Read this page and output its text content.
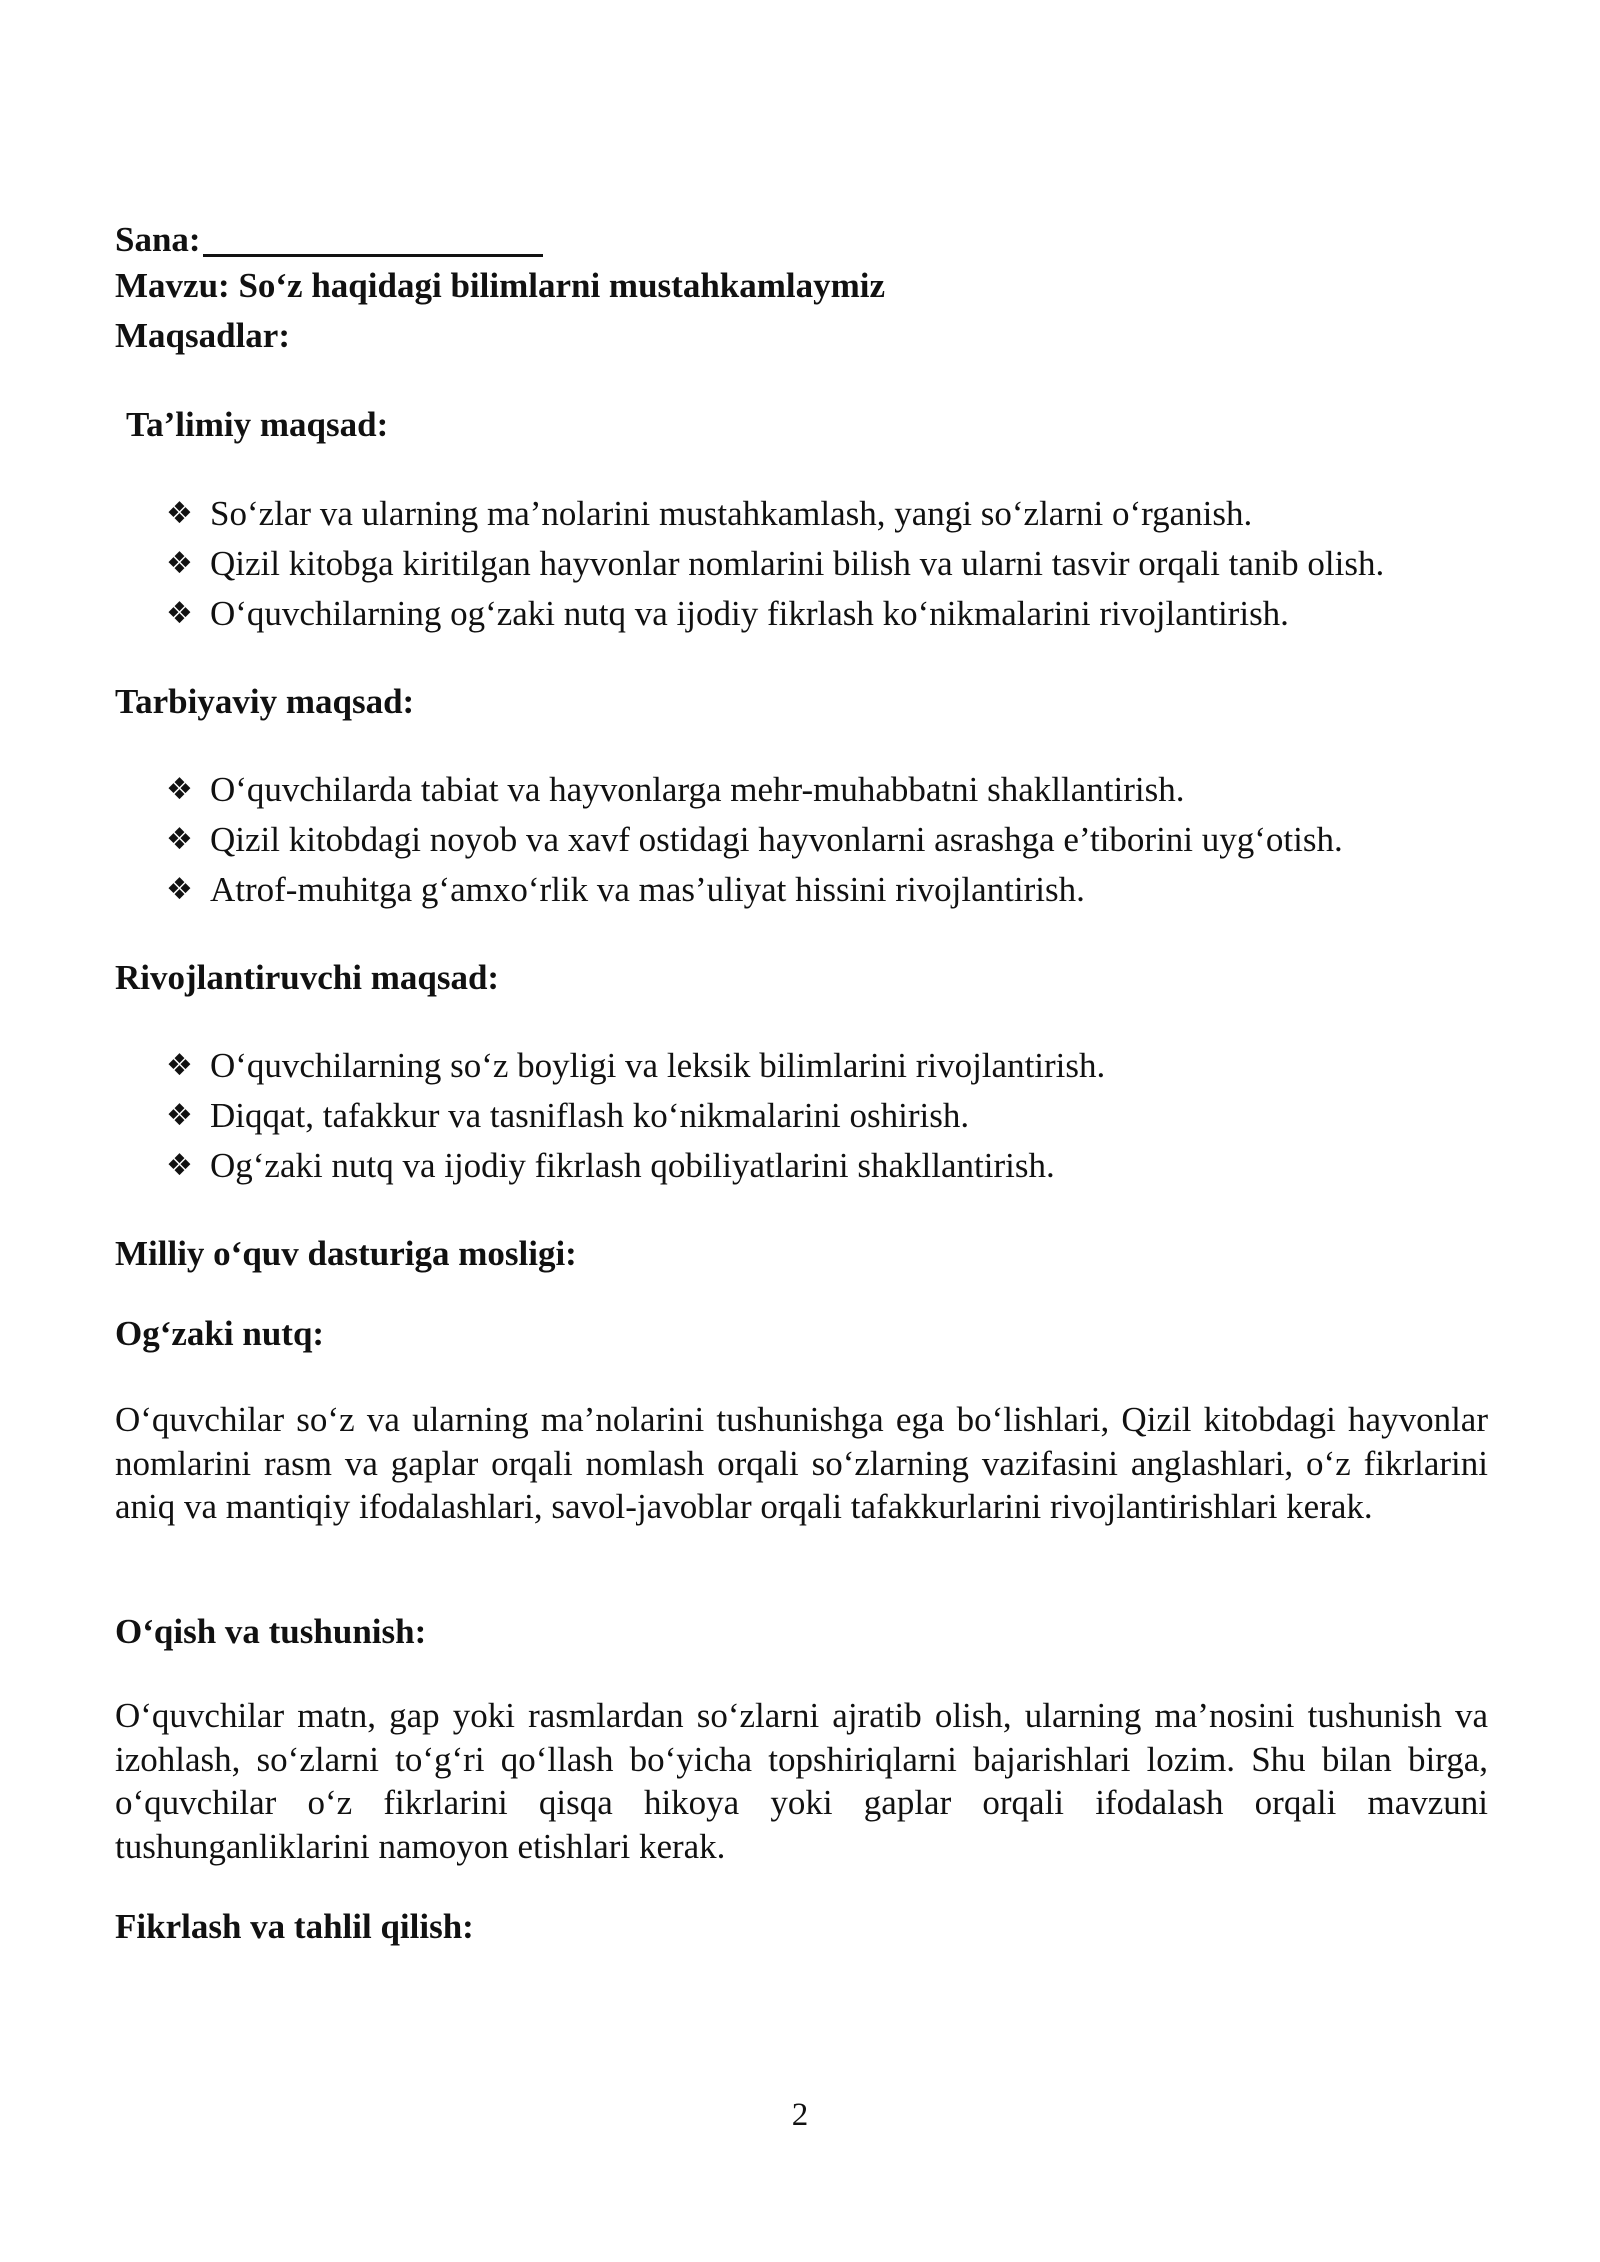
Sana:
Mavzu: So‘z haqidagi bilimlarni mustahkamlaymiz
Maqsadlar:
Ta’limiy maqsad:
❖ So‘zlar va ularning ma’nolarini mustahkamlash, yangi so‘zlarni o‘rganish.
❖ Qizil kitobga kiritilgan hayvonlar nomlarini bilish va ularni tasvir orqali tanib olish.
❖ O‘quvchilarning og‘zaki nutq va ijodiy fikrlash ko‘nikmalarini rivojlantirish.
Tarbiyaviy maqsad:
❖ O‘quvchilarda tabiat va hayvonlarga mehr-muhabbatni shakllantirish.
❖ Qizil kitobdagi noyob va xavf ostidagi hayvonlarni asrashga e’tiborini uyg‘otish.
❖ Atrof-muhitga g‘amxo‘rlik va mas’uliyat hissini rivojlantirish.
Rivojlantiruvchi maqsad:
❖ O‘quvchilarning so‘z boyligi va leksik bilimlarini rivojlantirish.
❖ Diqqat, tafakkur va tasniflash ko‘nikmalarini oshirish.
❖ Og‘zaki nutq va ijodiy fikrlash qobiliyatlarini shakllantirish.
Milliy o‘quv dasturiga mosligi:
Og‘zaki nutq:
O‘quvchilar so‘z va ularning ma’nolarini tushunishga ega bo‘lishlari, Qizil kitobdagi hayvonlar nomlarini rasm va gaplar orqali nomlash orqali so‘zlarning vazifasini anglashlari, o‘z fikrlarini aniq va mantiqiy ifodalashlari, savol-javoblar orqali tafakkurlarini rivojlantirishlari kerak.
O‘qish va tushunish:
O‘quvchilar matn, gap yoki rasmlardan so‘zlarni ajratib olish, ularning ma’nosini tushunish va izohlash, so‘zlarni to‘g‘ri qo‘llash bo‘yicha topshiriqlarni bajarishlari lozim. Shu bilan birga, o‘quvchilar o‘z fikrlarini qisqa hikoya yoki gaplar orqali ifodalash orqali mavzuni tushunganliklarini namoyon etishlari kerak.
Fikrlash va tahlil qilish:
2
